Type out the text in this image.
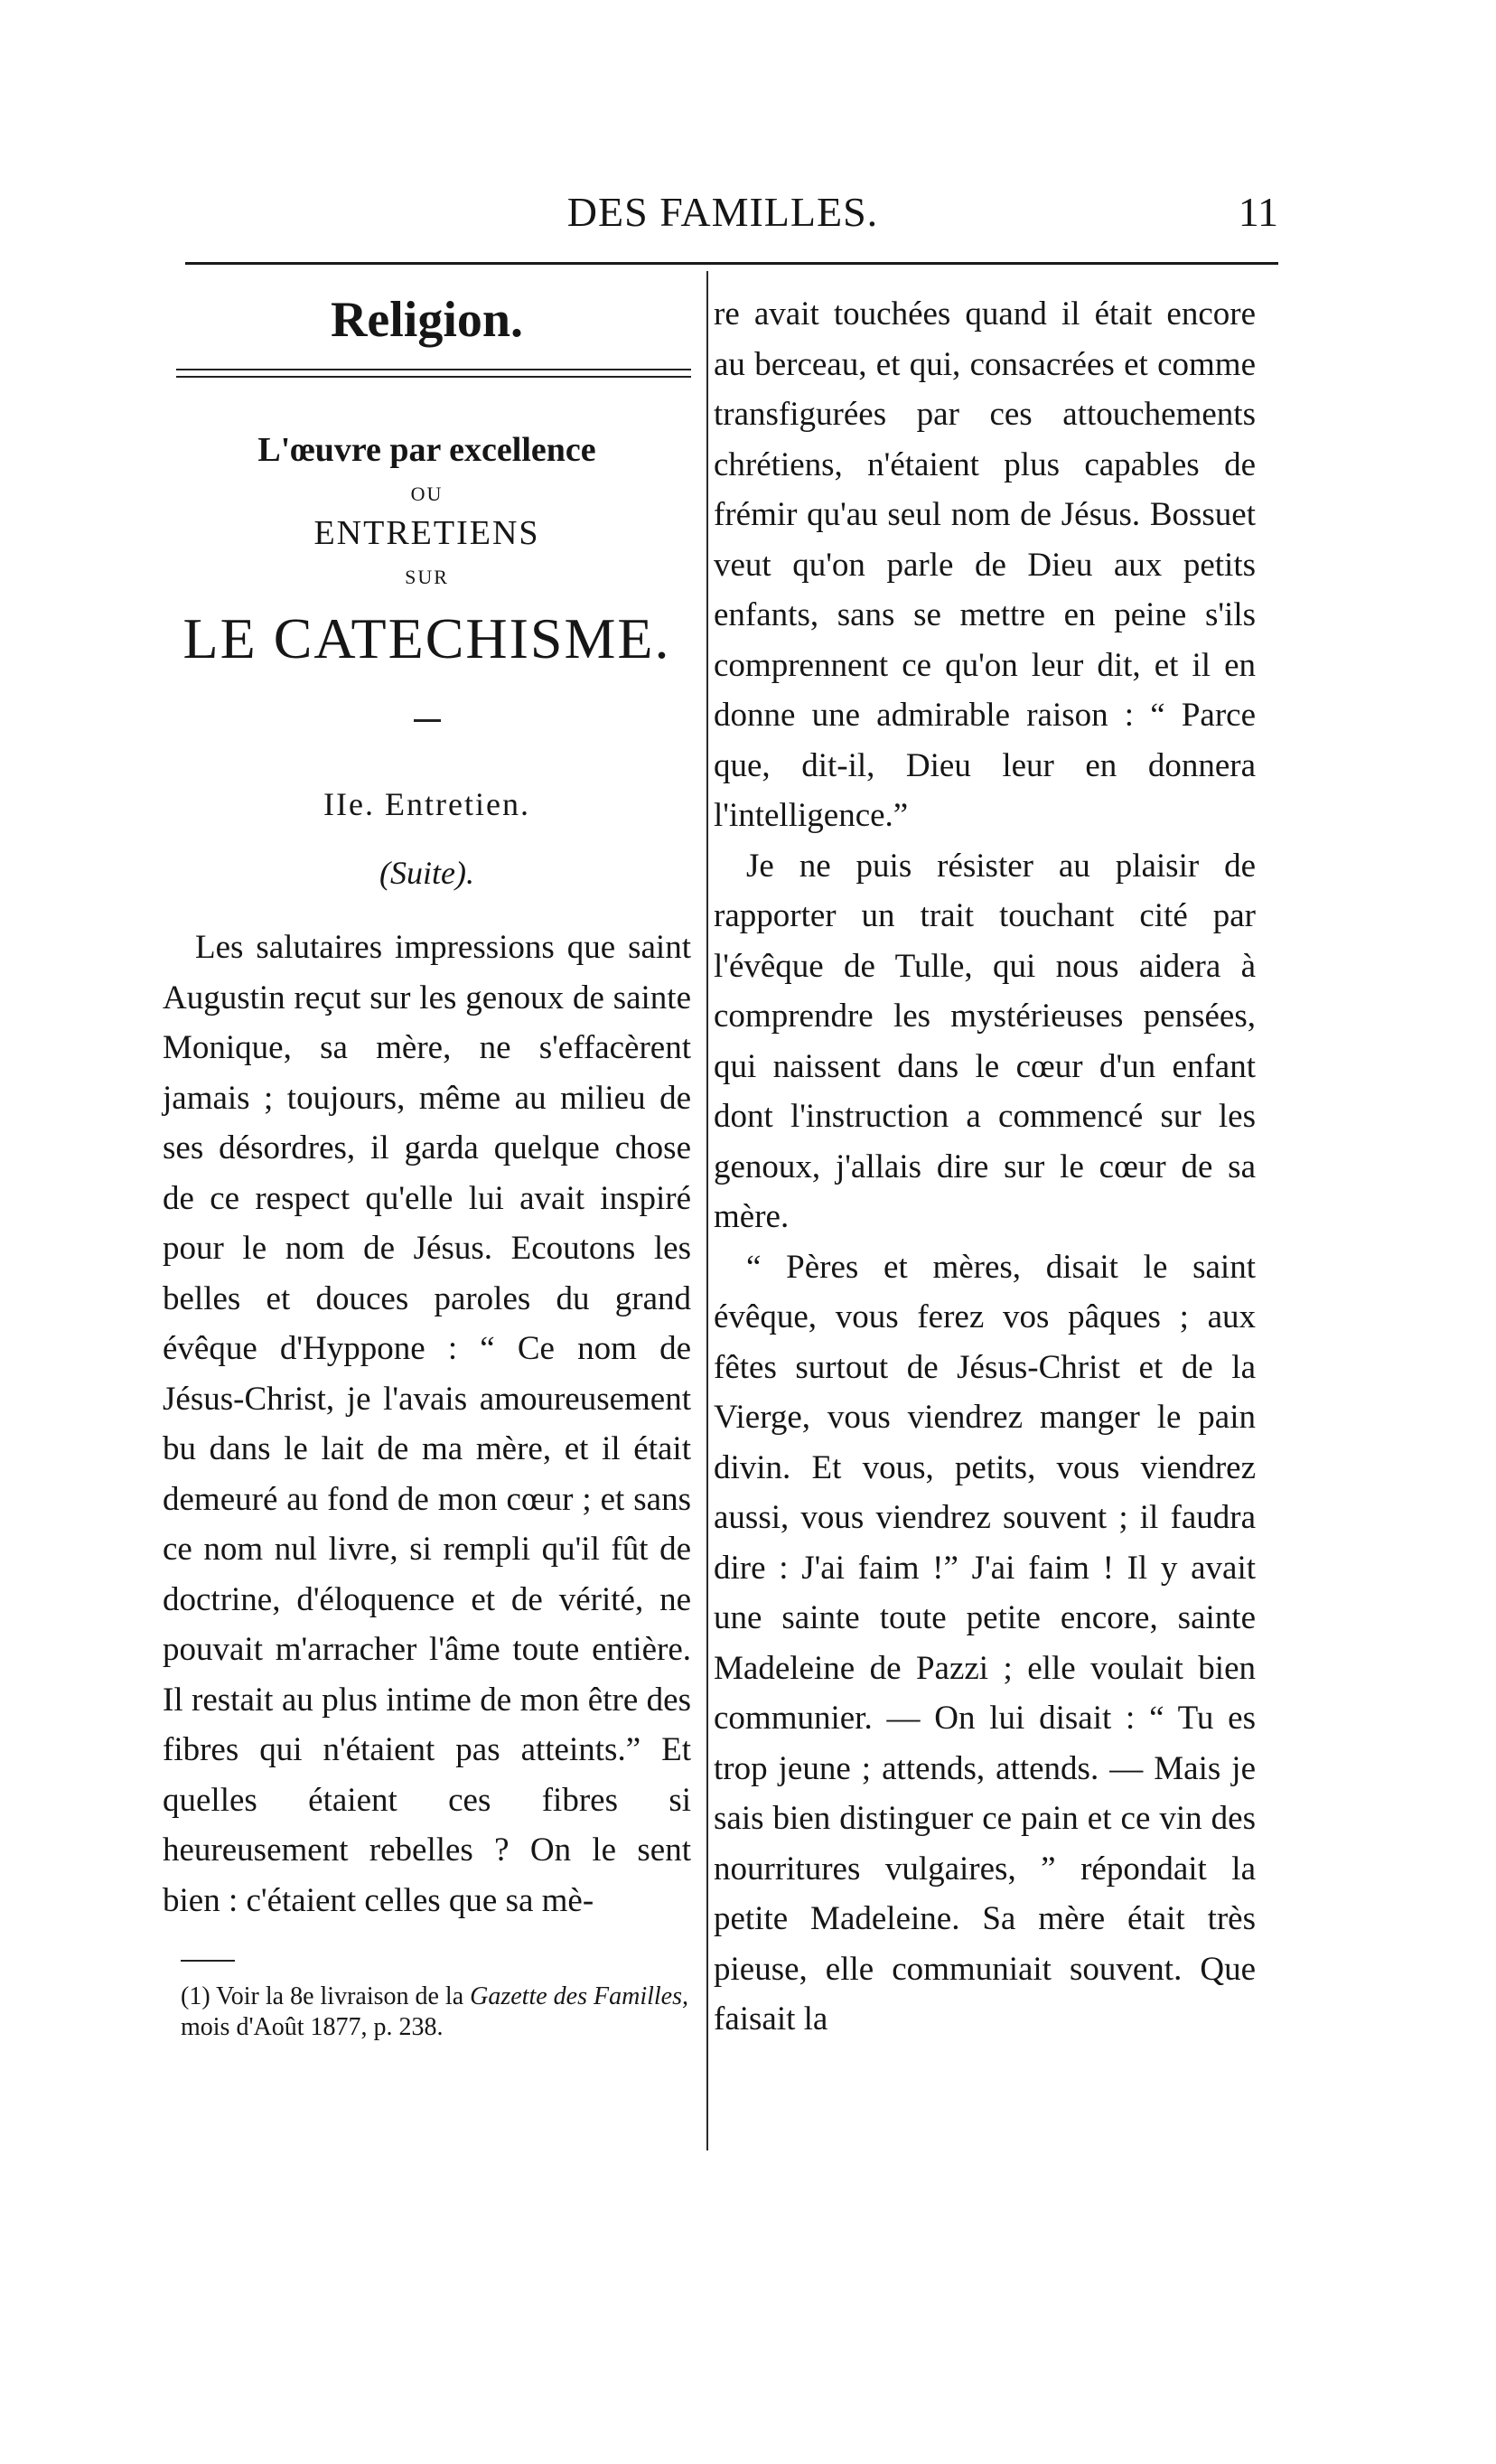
DES FAMILLES.	11
Religion.
L'œuvre par excellence
OU
ENTRETIENS
SUR
LE CATECHISME.
IIe. Entretien.
(Suite).

Les salutaires impressions que saint Augustin reçut sur les genoux de sainte Monique, sa mère, ne s'effacèrent jamais ; toujours, même au milieu de ses désordres, il garda quelque chose de ce respect qu'elle lui avait inspiré pour le nom de Jésus. Ecoutons les belles et douces paroles du grand évêque d'Hyppone : “ Ce nom de Jésus-Christ, je l'avais amoureusement bu dans le lait de ma mère, et il était demeuré au fond de mon cœur ; et sans ce nom nul livre, si rempli qu'il fût de doctrine, d'éloquence et de vérité, ne pouvait m'arracher l'âme toute entière. Il restait au plus intime de mon être des fibres qui n'étaient pas atteints.” Et quelles étaient ces fibres si heureusement rebelles ? On le sent bien : c'étaient celles que sa mè-

(1) Voir la 8e livraison de la Gazette des Familles, mois d'Août 1877, p. 238.

re avait touchées quand il était encore au berceau, et qui, consacrées et comme transfigurées par ces attouchements chrétiens, n'étaient plus capables de frémir qu'au seul nom de Jésus. Bossuet veut qu'on parle de Dieu aux petits enfants, sans se mettre en peine s'ils comprennent ce qu'on leur dit, et il en donne une admirable raison : “ Parce que, dit-il, Dieu leur en donnera l'intelligence.”

Je ne puis résister au plaisir de rapporter un trait touchant cité par l'évêque de Tulle, qui nous aidera à comprendre les mystérieuses pensées, qui naissent dans le cœur d'un enfant dont l'instruction a commencé sur les genoux, j'allais dire sur le cœur de sa mère.

“ Pères et mères, disait le saint évêque, vous ferez vos pâques ; aux fêtes surtout de Jésus-Christ et de la Vierge, vous viendrez manger le pain divin. Et vous, petits, vous viendrez aussi, vous viendrez souvent ; il faudra dire : J'ai faim !” J'ai faim ! Il y avait une sainte toute petite encore, sainte Madeleine de Pazzi ; elle voulait bien communier. — On lui disait : “ Tu es trop jeune ; attends, attends. — Mais je sais bien distinguer ce pain et ce vin des nourritures vulgaires, ” répondait la petite Madeleine. Sa mère était très pieuse, elle communiait souvent. Que faisait la
